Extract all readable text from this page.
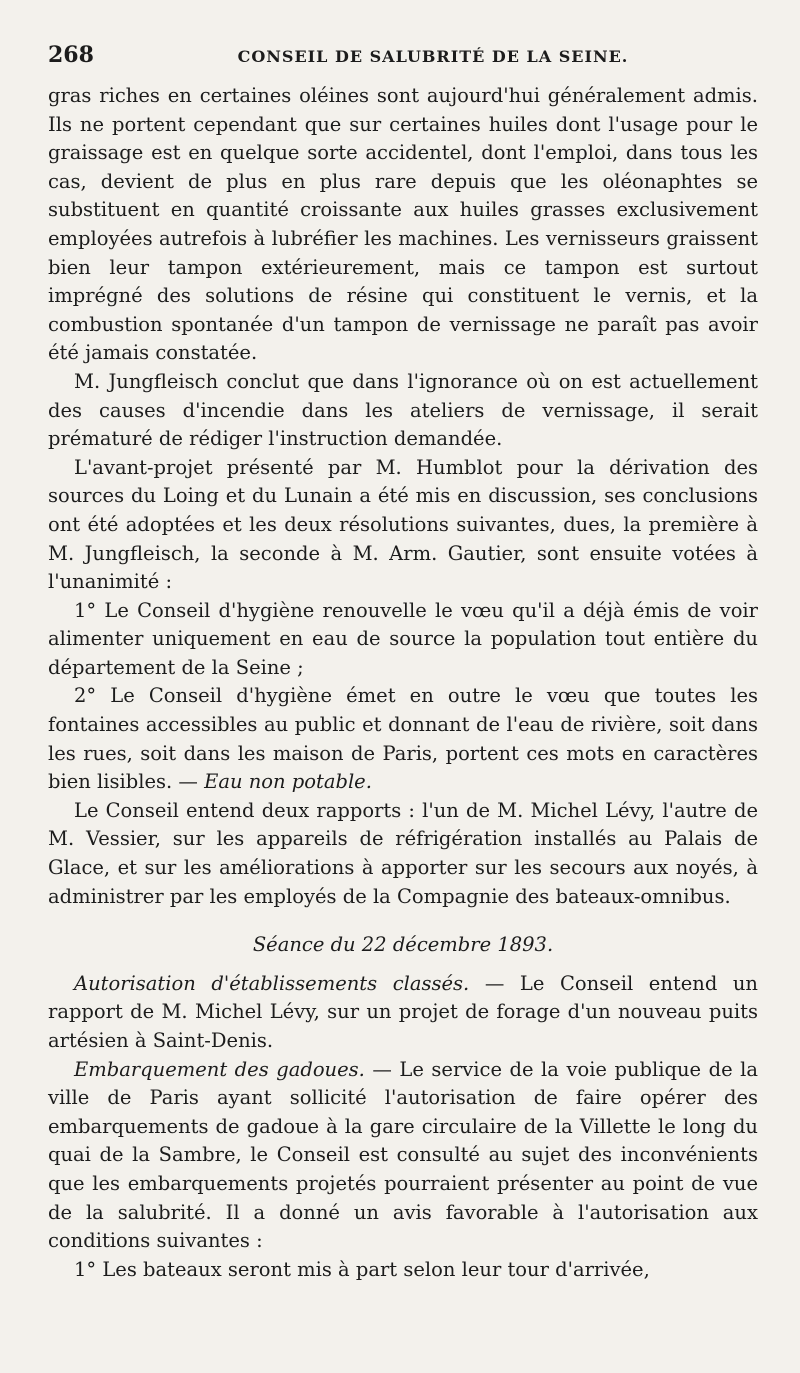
268	CONSEIL DE SALUBRITÉ DE LA SEINE.

gras riches en certaines oléines sont aujourd'hui généralement admis. Ils ne portent cependant que sur certaines huiles dont l'usage pour le graissage est en quelque sorte accidentel, dont l'emploi, dans tous les cas, devient de plus en plus rare depuis que les oléonaphtes se substituent en quantité croissante aux huiles grasses exclusivement employées autrefois à lubréfier les machines. Les vernisseurs graissent bien leur tampon extérieurement, mais ce tampon est surtout imprégné des solutions de résine qui constituent le vernis, et la combustion spontanée d'un tampon de vernissage ne paraît pas avoir été jamais constatée.

M. Jungfleisch conclut que dans l'ignorance où on est actuellement des causes d'incendie dans les ateliers de vernissage, il serait prématuré de rédiger l'instruction demandée.

L'avant-projet présenté par M. Humblot pour la dérivation des sources du Loing et du Lunain a été mis en discussion, ses conclusions ont été adoptées et les deux résolutions suivantes, dues, la première à M. Jungfleisch, la seconde à M. Arm. Gautier, sont ensuite votées à l'unanimité :

1° Le Conseil d'hygiène renouvelle le vœu qu'il a déjà émis de voir alimenter uniquement en eau de source la population tout entière du département de la Seine ;

2° Le Conseil d'hygiène émet en outre le vœu que toutes les fontaines accessibles au public et donnant de l'eau de rivière, soit dans les rues, soit dans les maison de Paris, portent ces mots en caractères bien lisibles. — Eau non potable.

Le Conseil entend deux rapports : l'un de M. Michel Lévy, l'autre de M. Vessier, sur les appareils de réfrigération installés au Palais de Glace, et sur les améliorations à apporter sur les secours aux noyés, à administrer par les employés de la Compagnie des bateaux-omnibus.

Séance du 22 décembre 1893.

Autorisation d'établissements classés. — Le Conseil entend un rapport de M. Michel Lévy, sur un projet de forage d'un nouveau puits artésien à Saint-Denis.

Embarquement des gadoues. — Le service de la voie publique de la ville de Paris ayant sollicité l'autorisation de faire opérer des embarquements de gadoue à la gare circulaire de la Villette le long du quai de la Sambre, le Conseil est consulté au sujet des inconvénients que les embarquements projetés pourraient présenter au point de vue de la salubrité. Il a donné un avis favorable à l'autorisation aux conditions suivantes :

1° Les bateaux seront mis à part selon leur tour d'arrivée,
